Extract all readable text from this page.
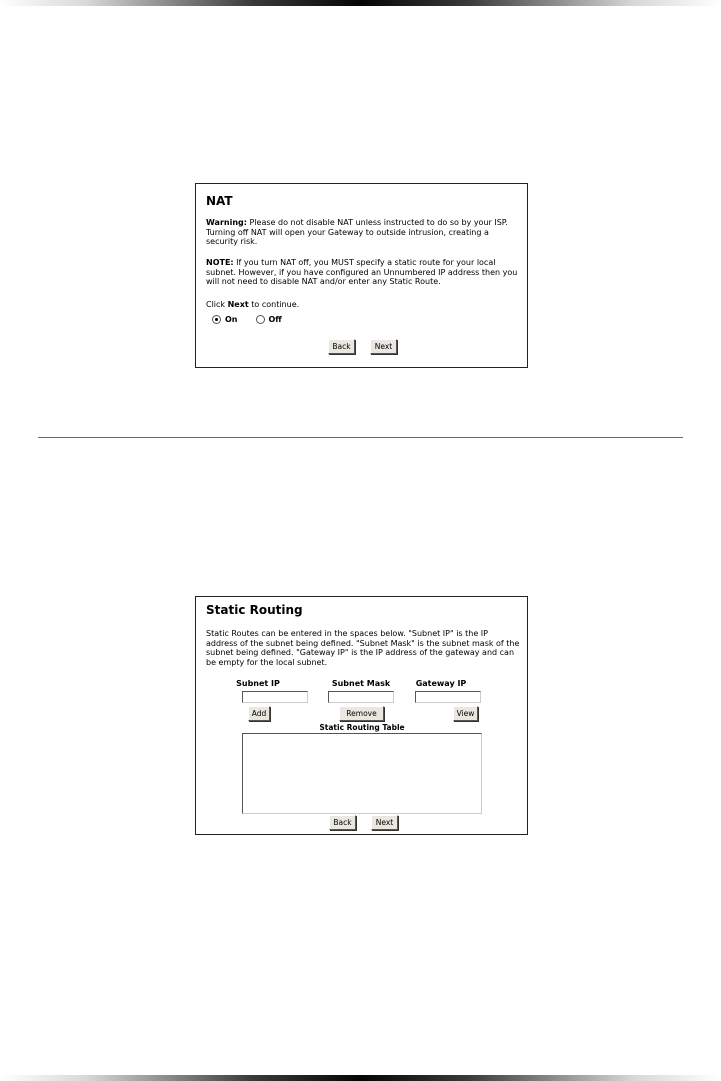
NAT
Warning: Please do not disable NAT unless instructed to do so by your ISP. Turning off NAT will open your Gateway to outside intrusion, creating a security risk.
NOTE: If you turn NAT off, you MUST specify a static route for your local subnet. However, if you have configured an Unnumbered IP address then you will not need to disable NAT and/or enter any Static Route.
Click Next to continue.
On	Off
Back	Next
Static Routing
Static Routes can be entered in the spaces below. "Subnet IP" is the IP address of the subnet being defined. "Subnet Mask" is the subnet mask of the subnet being defined. "Gateway IP" is the IP address of the gateway and can be empty for the local subnet.
Subnet IP	Subnet Mask	Gateway IP
Add	Remove	View
Static Routing Table
Back	Next
